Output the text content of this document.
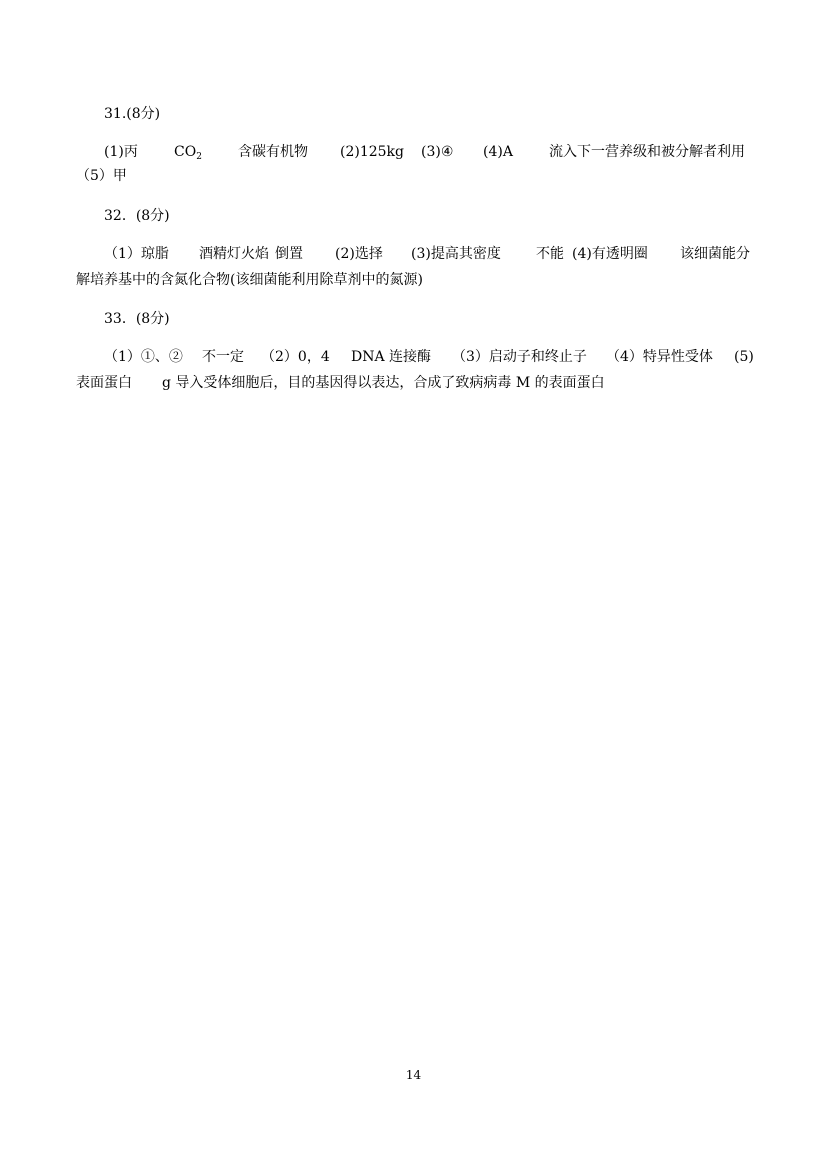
31.(8分)
(1)丙	$CO_2$	含碳有机物 (2)125kg (3)④ (4)A	流入下一营养级和被分解者利用
（5）甲
32．(8分)
（1）琼脂 酒精灯火焰 倒置 (2)选择 (3)提高其密度	不能 (4)有透明圈 该细菌能分
解培养基中的含氮化合物(该细菌能利用除草剂中的氮源)
33．(8分)
（1）①、② 不一定 （2）0，4 DNA 连接酶 （3）启动子和终止子 （4）特异性受体 (5)
表面蛋白 g 导入受体细胞后，目的基因得以表达，合成了致病病毒 M 的表面蛋白
14
